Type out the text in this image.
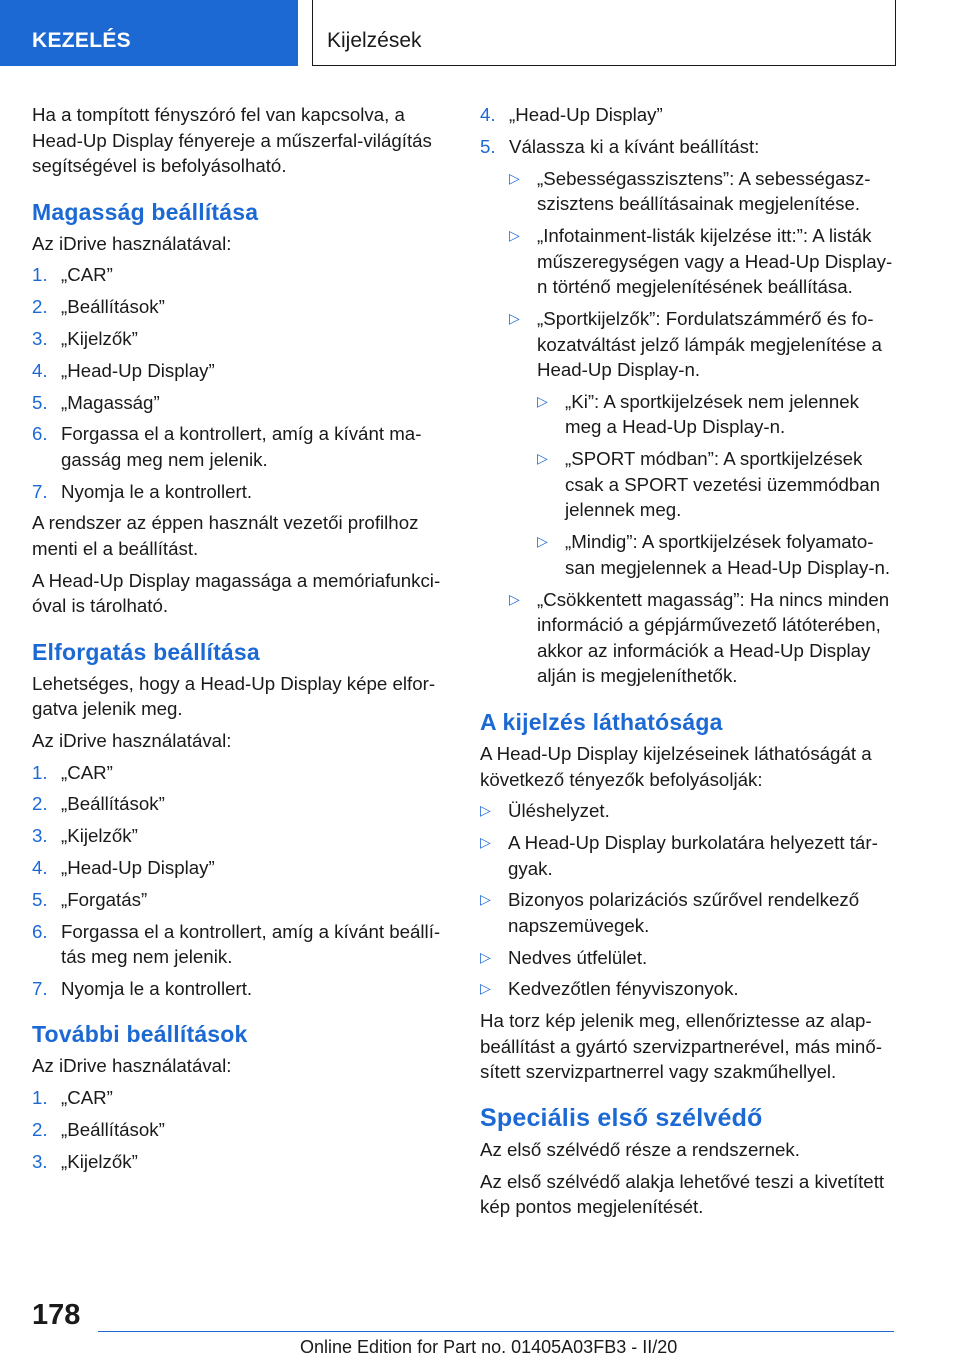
KEZELÉS	Kijelzések

Ha a tompított fényszóró fel van kapcsolva, a Head-Up Display fényereje a műszerfal-világítás segítségével is befolyásolható.

Magasság beállítása

Az iDrive használatával:

1. „CAR”
2. „Beállítások”
3. „Kijelzők”
4. „Head-Up Display”
5. „Magasság”
6. Forgassa el a kontrollert, amíg a kívánt magasság meg nem jelenik.
7. Nyomja le a kontrollert.

A rendszer az éppen használt vezetői profilhoz menti el a beállítást.

A Head-Up Display magassága a memóriafunkcióval is tárolható.

Elforgatás beállítása

Lehetséges, hogy a Head-Up Display képe elforgatva jelenik meg.

Az iDrive használatával:

1. „CAR”
2. „Beállítások”
3. „Kijelzők”
4. „Head-Up Display”
5. „Forgatás”
6. Forgassa el a kontrollert, amíg a kívánt beállítás meg nem jelenik.
7. Nyomja le a kontrollert.
További beállítások

Az iDrive használatával:

1. „CAR”
2. „Beállítások”
3. „Kijelzők”
4. „Head-Up Display”
5. Válassza ki a kívánt beállítást:
▷ „Sebességasszisztens”: A sebességaszszisztens beállításainak megjelenítése.
▷ „Infotainment-listák kijelzése itt:”: A listák műszeregységen vagy a Head-Up Display-n történő megjelenítésének beállítása.
▷ „Sportkijelzők”: Fordulatszámmérő és fokozatváltást jelző lámpák megjelenítése a Head-Up Display-n.
▷ „Ki”: A sportkijelzések nem jelennek meg a Head-Up Display-n.
▷ „SPORT módban”: A sportkijelzések csak a SPORT vezetési üzemmódban jelennek meg.
▷ „Mindig”: A sportkijelzések folyamatosan megjelennek a Head-Up Display-n.
▷ „Csökkentett magasság”: Ha nincs minden információ a gépjárművezető látóterében, akkor az információk a Head-Up Display alján is megjeleníthetők.
A kijelzés láthatósága

A Head-Up Display kijelzéseinek láthatóságát a következő tényezők befolyásolják:

▷ Üléshelyzet.
▷ A Head-Up Display burkolatára helyezett tárgyak.
▷ Bizonyos polarizációs szűrővel rendelkező napszemüvegek.
▷ Nedves útfelület.
▷ Kedvezőtlen fényviszonyok.

Ha torz kép jelenik meg, ellenőriztesse az alapbeállítást a gyártó szervizpartnerével, más minősített szervizpartnerrel vagy szakműhellyel.

Speciális első szélvédő

Az első szélvédő része a rendszernek.

Az első szélvédő alakja lehetővé teszi a kivetített kép pontos megjelenítését.

178
Online Edition for Part no. 01405A03FB3 - II/20
